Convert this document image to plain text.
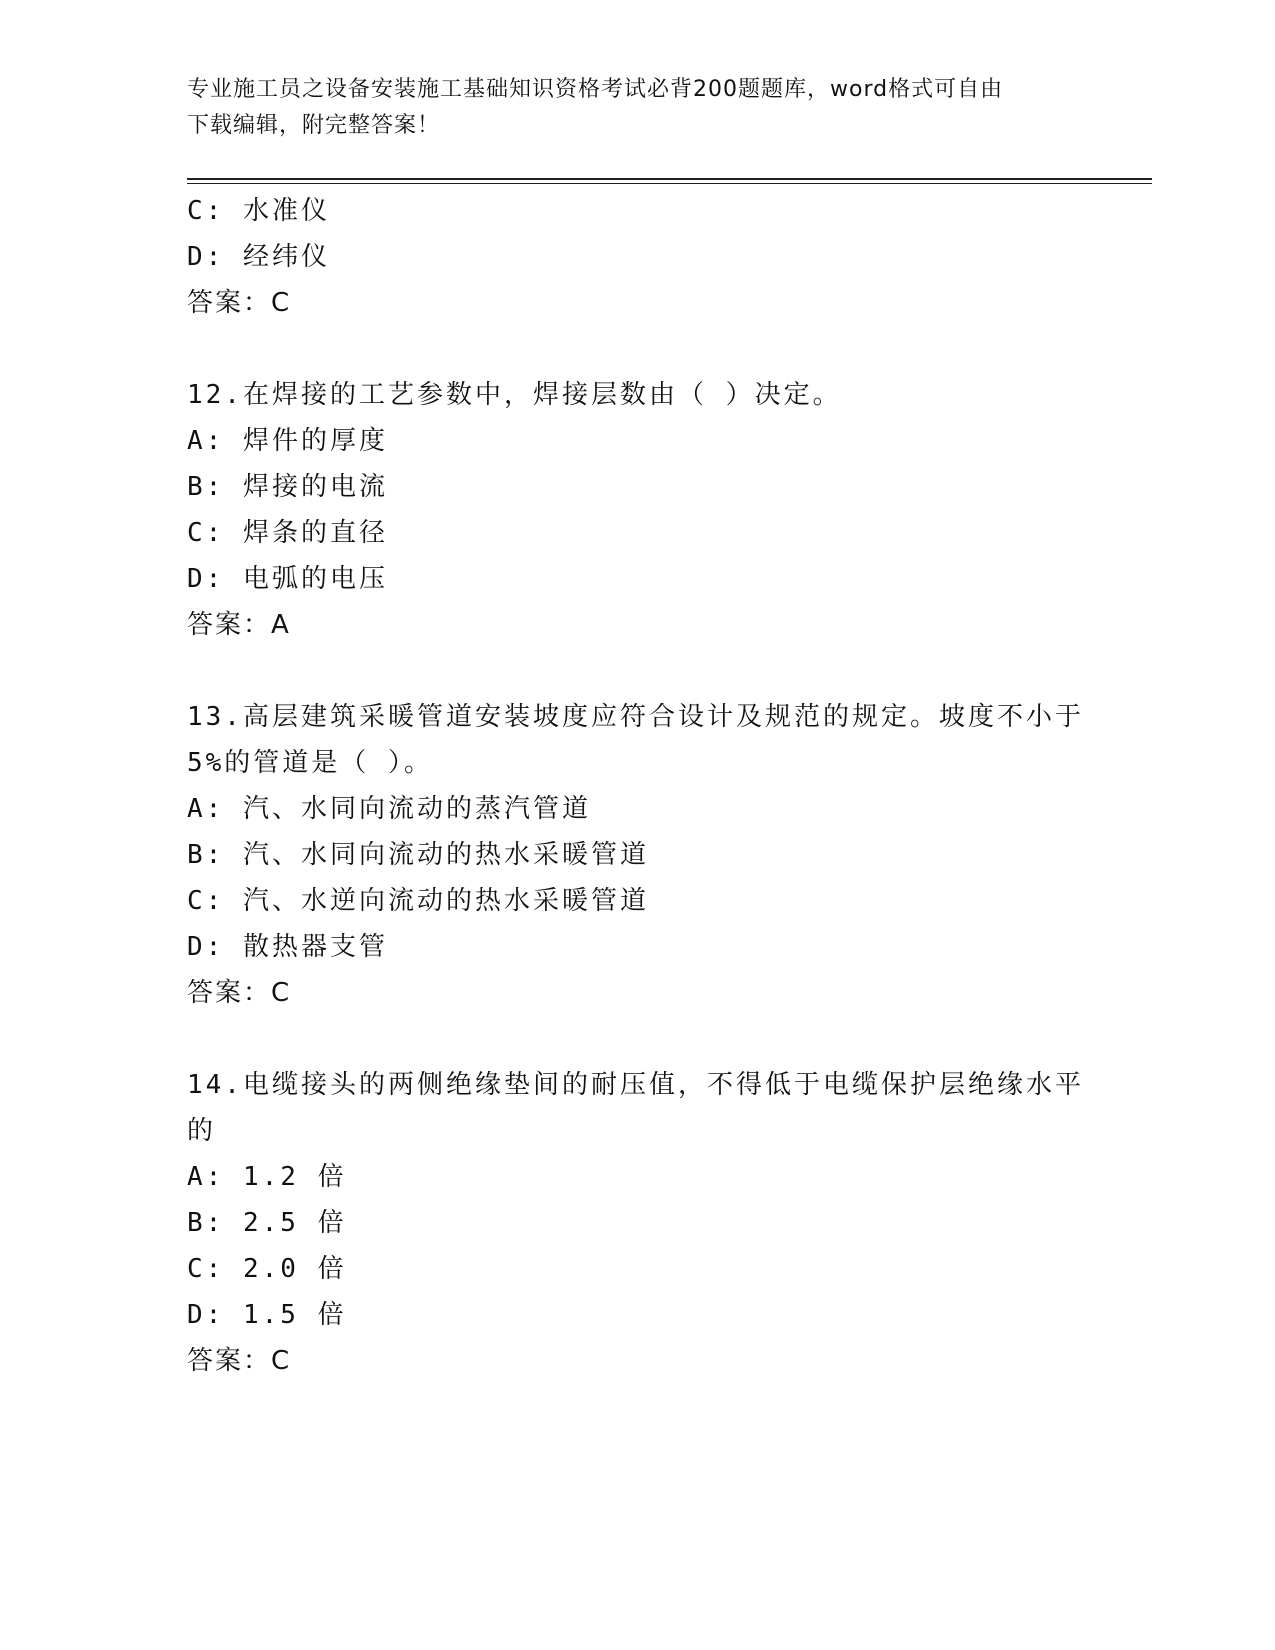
专业施工员之设备安装施工基础知识资格考试必背200题题库，word格式可自由
下载编辑，附完整答案！
C: 水准仪
D: 经纬仪
答案：C
12.在焊接的工艺参数中，焊接层数由（ ）决定。
A: 焊件的厚度
B: 焊接的电流
C: 焊条的直径
D: 电弧的电压
答案：A
13.高层建筑采暖管道安装坡度应符合设计及规范的规定。坡度不小于
5%的管道是（ ）。
A: 汽、水同向流动的蒸汽管道
B: 汽、水同向流动的热水采暖管道
C: 汽、水逆向流动的热水采暖管道
D: 散热器支管
答案：C
14.电缆接头的两侧绝缘垫间的耐压值，不得低于电缆保护层绝缘水平
的
A: 1.2 倍
B: 2.5 倍
C: 2.0 倍
D: 1.5 倍
答案：C
